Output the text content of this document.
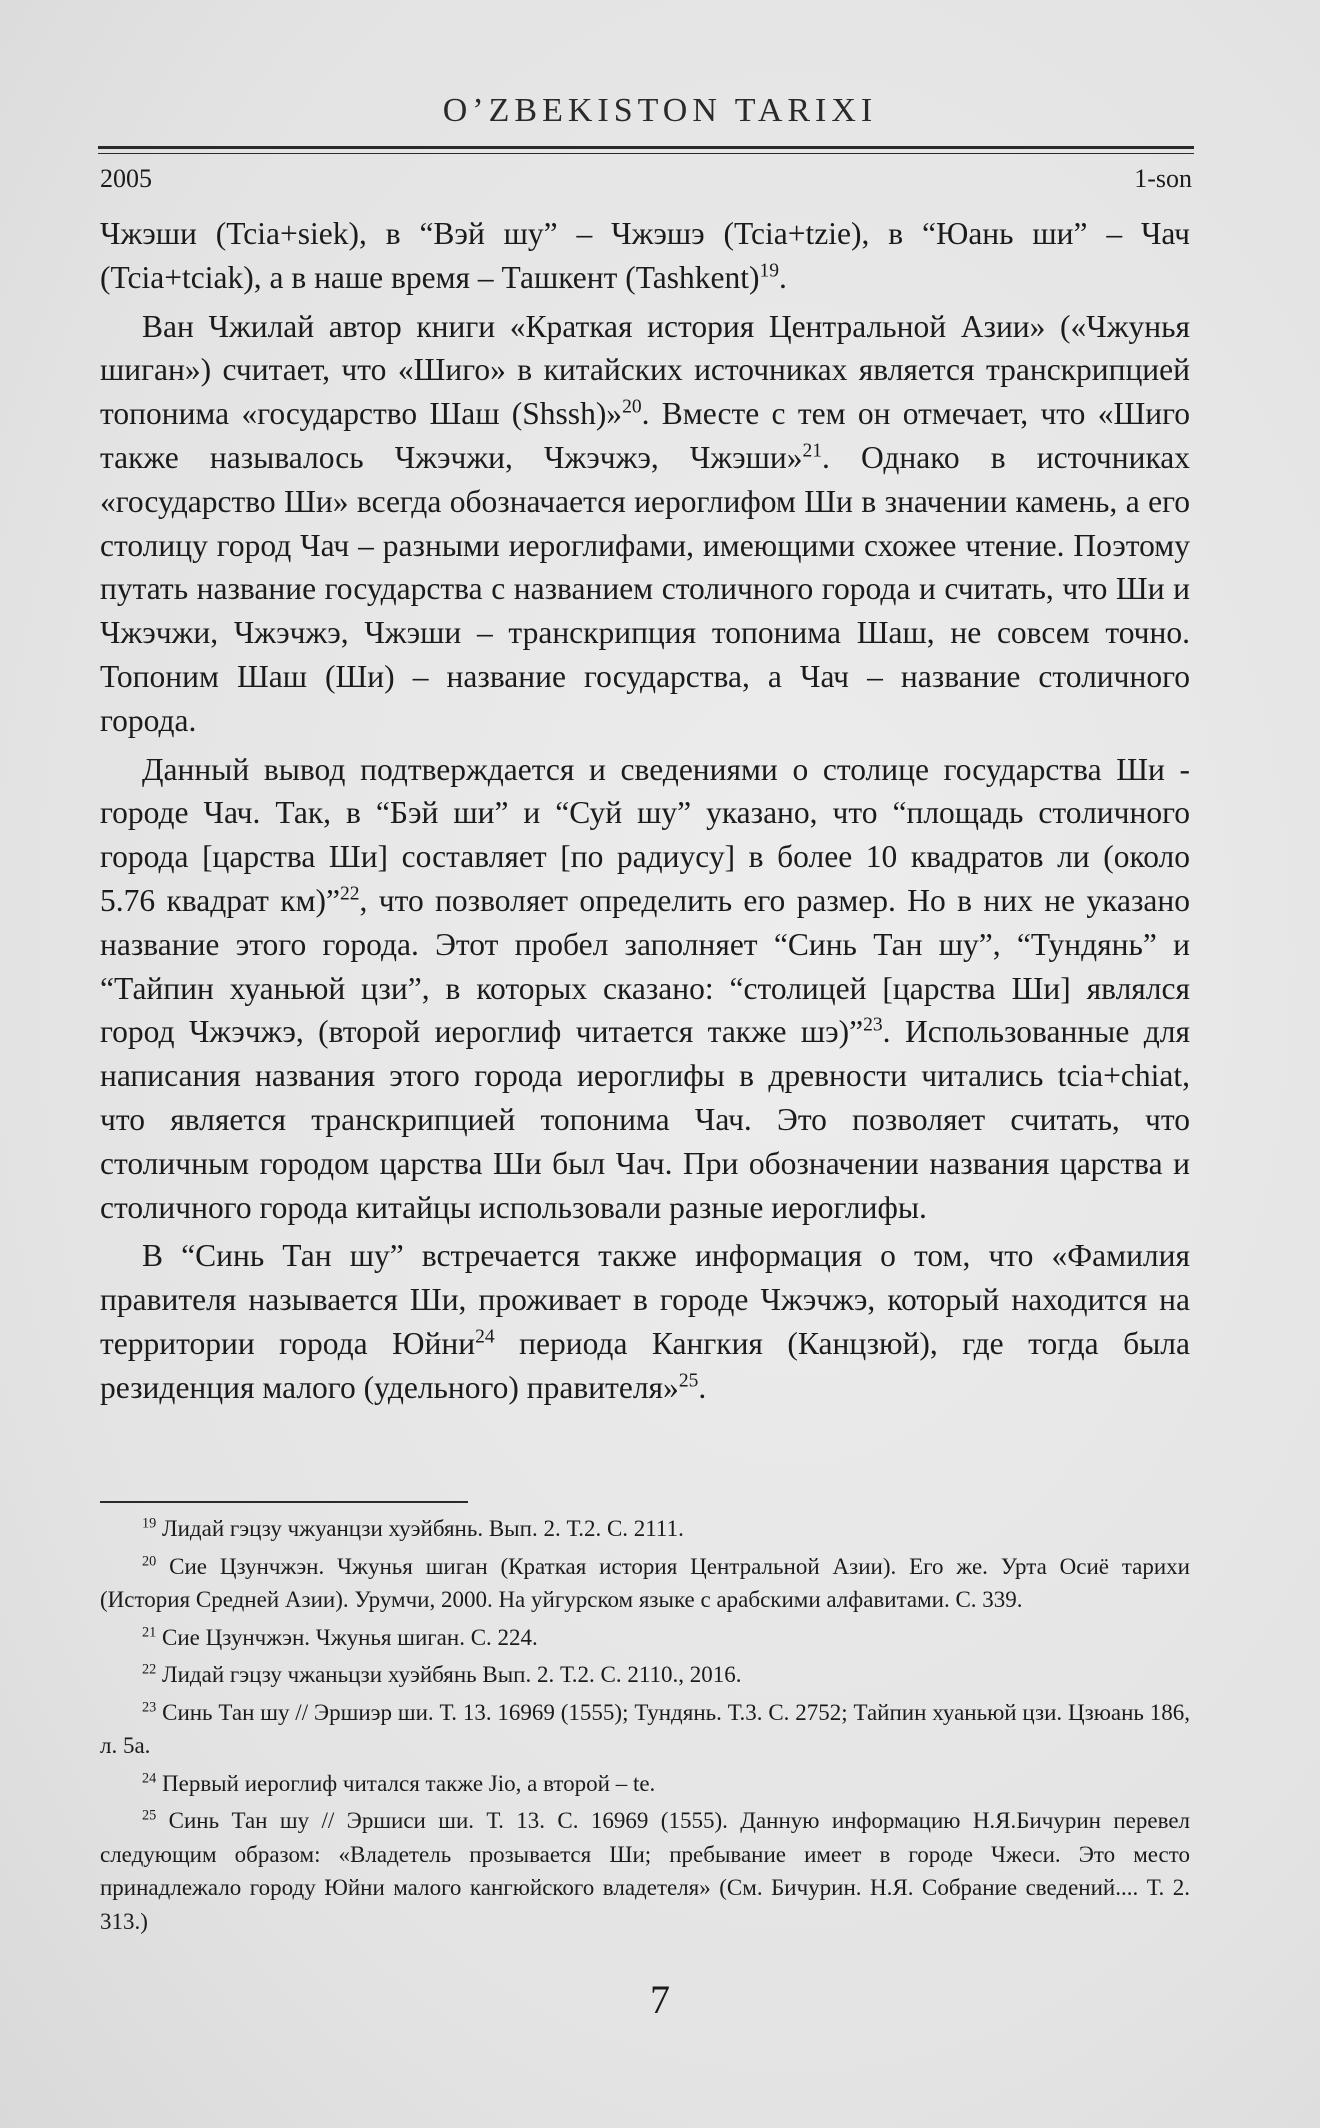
O’ZBEKISTON TARIXI
2005	1-son

Чжэши (Tcia+siek), в “Вэй шу” – Чжэшэ (Tcia+tzie), в “Юань ши” – Чач (Tcia+tciak), а в наше время – Ташкент (Tashkent)$^{19}$.

Ван Чжилай автор книги «Краткая история Центральной Азии» («Чжунья шиган») считает, что «Шиго» в китайских источниках является транскрипцией топонима «государство Шаш (Shssh)»$^{20}$. Вместе с тем он отмечает, что «Шиго также называлось Чжэчжи, Чжэчжэ, Чжэши»$^{21}$. Однако в источниках «государство Ши» всегда обозначается иероглифом Ши в значении камень, а его столицу город Чач – разными иероглифами, имеющими схожее чтение. Поэтому путать название государства с названием столичного города и считать, что Ши и Чжэчжи, Чжэчжэ, Чжэши – транскрипция топонима Шаш, не совсем точно. Топоним Шаш (Ши) – название государства, а Чач – название столичного города.

Данный вывод подтверждается и сведениями о столице государства Ши - городе Чач. Так, в “Бэй ши” и “Суй шу” указано, что “площадь столичного города [царства Ши] составляет [по радиусу] в более 10 квадратов ли (около 5.76 квадрат км)”$^{22}$, что позволяет определить его размер. Но в них не указано название этого города. Этот пробел заполняет “Синь Тан шу”, “Тундянь” и “Тайпин хуаньюй цзи”, в которых сказано: “столицей [царства Ши] являлся город Чжэчжэ, (второй иероглиф читается также шэ)”$^{23}$. Использованные для написания названия этого города иероглифы в древности читались tcia+chiat, что является транскрипцией топонима Чач. Это позволяет считать, что столичным городом царства Ши был Чач. При обозначении названия царства и столичного города китайцы использовали разные иероглифы.

В “Синь Тан шу” встречается также информация о том, что «Фамилия правителя называется Ши, проживает в городе Чжэчжэ, который находится на территории города Юйни$^{24}$ периода Кангкия (Канцзюй), где тогда была резиденция малого (удельного) правителя»$^{25}$.

$^{19}$ Лидай гэцзу чжуанцзи хуэйбянь. Вып. 2. Т.2. С. 2111.

$^{20}$ Сие Цзунчжэн. Чжунья шиган (Краткая история Центральной Азии). Его же. Урта Осиё тарихи (История Средней Азии). Урумчи, 2000. На уйгурском языке с арабскими алфавитами. С. 339.

$^{21}$ Сие Цзунчжэн. Чжунья шиган. С. 224.

$^{22}$ Лидай гэцзу чжаньцзи хуэйбянь Вып. 2. Т.2. С. 2110., 2016.

$^{23}$ Синь Тан шу // Эршиэр ши. Т. 13. 16969 (1555); Тундянь. Т.3. С. 2752; Тайпин хуаньюй цзи. Цзюань 186, л. 5а.

$^{24}$ Первый иероглиф читался также Jio, а второй – te.

$^{25}$ Синь Тан шу // Эршиси ши. Т. 13. С. 16969 (1555). Данную информацию Н.Я.Бичурин перевел следующим образом: «Владетель прозывается Ши; пребывание имеет в городе Чжеси. Это место принадлежало городу Юйни малого кангюйского владетеля» (См. Бичурин. Н.Я. Собрание сведений.... Т. 2. 313.)

7
